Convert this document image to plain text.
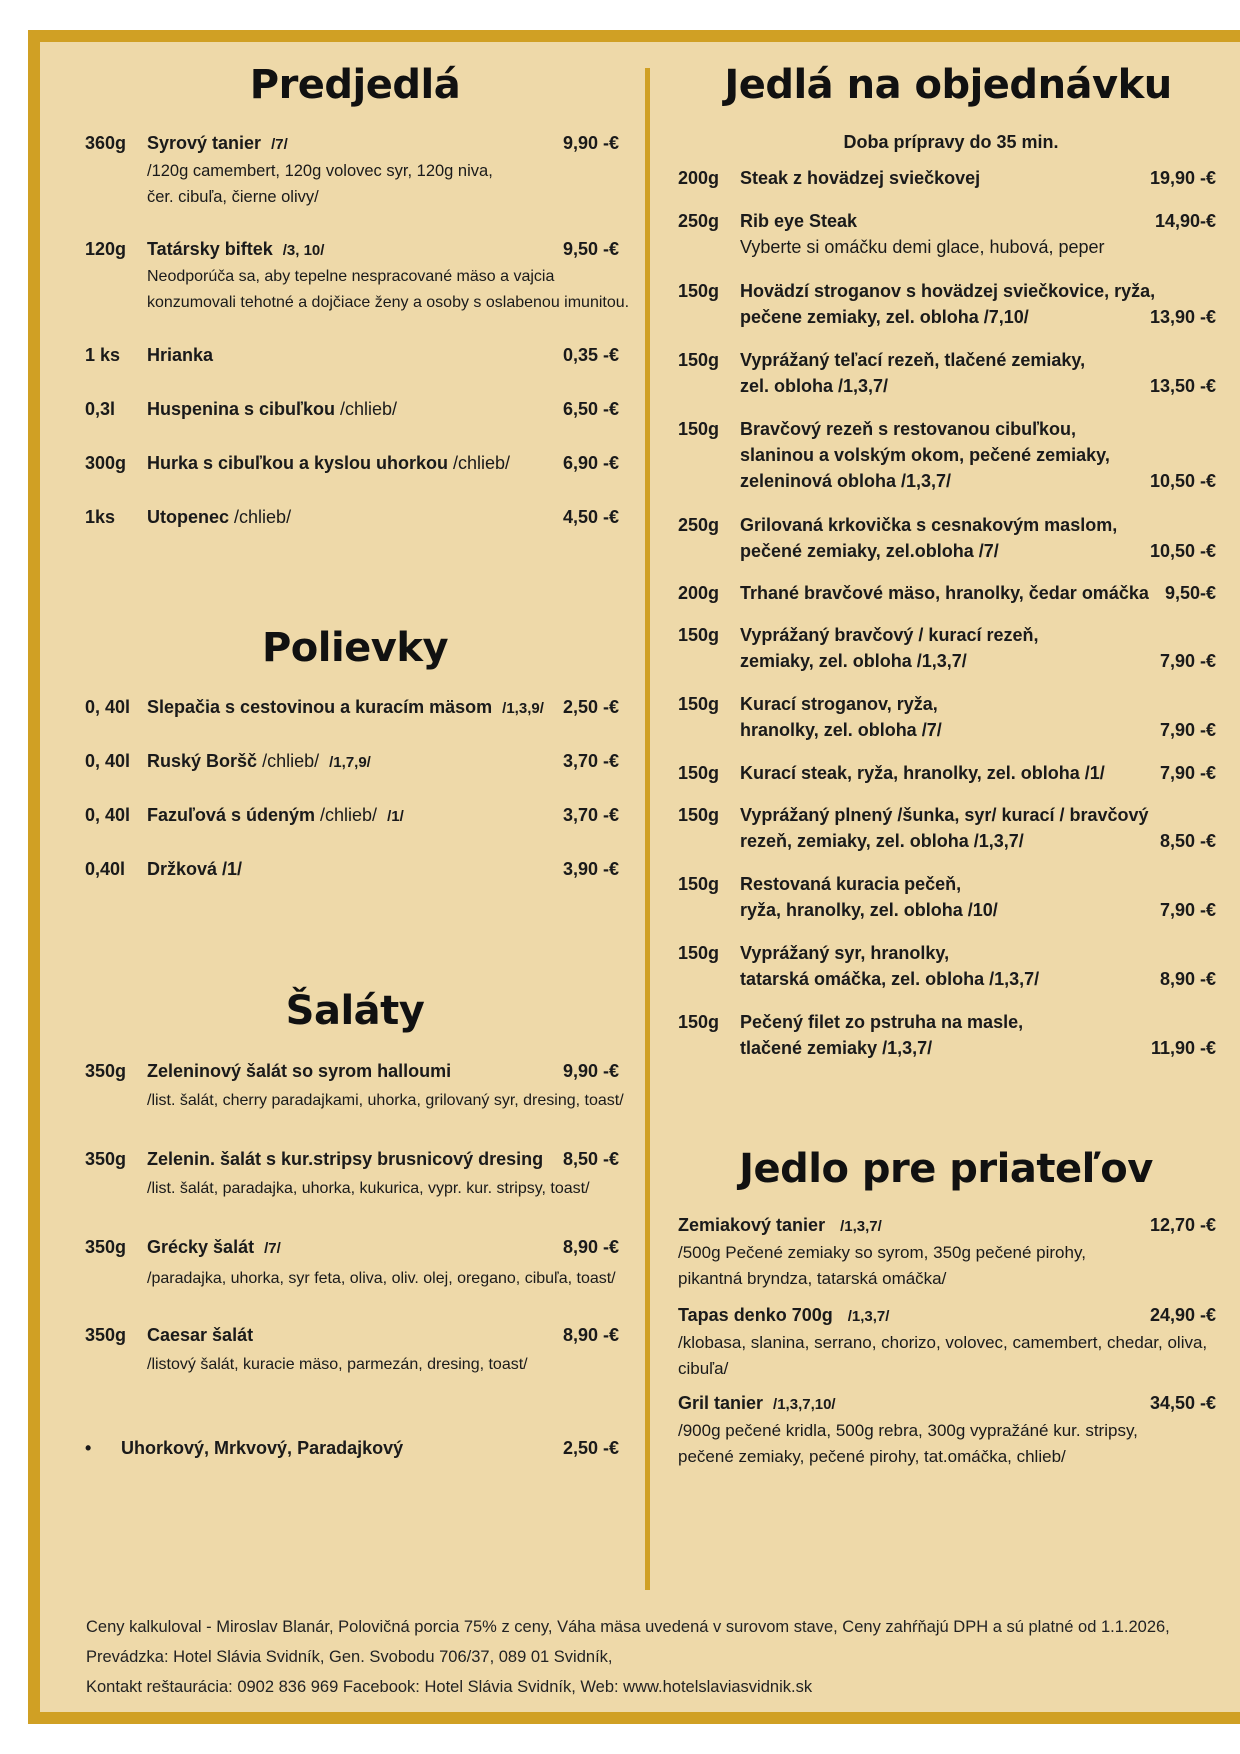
Predjedlá
360g Syrový tanier /7/
/120g camembert, 120g volovec syr, 120g niva,
čer. cibuľa, čierne olivy/
9,90 -€
120g Tatársky biftek /3, 10/
Neodporúča sa, aby tepelne nespracované mäso a vajcia
konzumovali tehotné a dojčiace ženy a osoby s oslabenou imunitou.
9,50 -€
1 ks Hrianka	0,35 -€
0,3l Huspenina s cibuľkou /chlieb/	6,50 -€
300g Hurka s cibuľkou a kyslou uhorkou /chlieb/	6,90 -€
1ks Utopenec /chlieb/	4,50 -€
Polievky
0, 40l Slepačia s cestovinou a kuracím mäsom /1,3,9/	2,50 -€
0, 40l Ruský Boršč /chlieb/ /1,7,9/	3,70 -€
0, 40l Fazuľová s údeným /chlieb/ /1/	3,70 -€
0,40l Držková /1/	3,90 -€
Šaláty
350g Zeleninový šalát so syrom halloumi
/list. šalát, cherry paradajkami, uhorka, grilovaný syr, dresing, toast/
9,90 -€
350g Zelenin. šalát s kur.stripsy brusnicový dresing
/list. šalát, paradajka, uhorka, kukurica, vypr. kur. stripsy, toast/
8,50 -€
350g Grécky šalát /7/
/paradajka, uhorka, syr feta, oliva, oliv. olej, oregano, cibuľa, toast/
8,90 -€
350g Caesar šalát
/listový šalát, kuracie mäso, parmezán, dresing, toast/
8,90 -€
• Uhorkový, Mrkvový, Paradajkový	2,50 -€
Jedlá na objednávku
Doba prípravy do 35 min.
200g Steak z hovädzej sviečkovej	19,90 -€
250g Rib eye Steak
Vyberte si omáčku demi glace, hubová, peper
14,90-€
150g Hovädzí stroganov s hovädzej sviečkovice, ryža,
pečene zemiaky, zel. obloha /7,10/	13,90 -€
150g Vyprážaný teľací rezeň, tlačené zemiaky,
zel. obloha /1,3,7/	13,50 -€
150g Bravčový rezeň s restovanou cibuľkou,
slaninou a volským okom, pečené zemiaky,
zeleninová obloha /1,3,7/	10,50 -€
250g Grilovaná krkovička s cesnakovým maslom,
pečené zemiaky, zel.obloha /7/	10,50 -€
200g Trhané bravčové mäso, hranolky, čedar omáčka 9,50-€
150g Vyprážaný bravčový / kurací rezeň,
zemiaky, zel. obloha /1,3,7/	7,90 -€
150g Kurací stroganov, ryža,
hranolky, zel. obloha /7/	7,90 -€
150g Kurací steak, ryža, hranolky, zel. obloha /1/	7,90 -€
150g Vyprážaný plnený /šunka, syr/ kurací / bravčový
rezeň, zemiaky, zel. obloha /1,3,7/	8,50 -€
150g Restovaná kuracia pečeň,
ryža, hranolky, zel. obloha /10/	7,90 -€
150g Vyprážaný syr, hranolky,
tatarská omáčka, zel. obloha /1,3,7/	8,90 -€
150g Pečený filet zo pstruha na masle,
tlačené zemiaky /1,3,7/	11,90 -€
Jedlo pre priateľov
Zemiakový tanier /1,3,7/
/500g Pečené zemiaky so syrom, 350g pečené pirohy,
pikantná bryndza, tatarská omáčka/
12,70 -€
Tapas denko 700g /1,3,7/
/klobasa, slanina, serrano, chorizo, volovec, camembert, chedar, oliva,
cibuľa/
24,90 -€
Gril tanier /1,3,7,10/
/900g pečené kridla, 500g rebra, 300g vypražáné kur. stripsy,
pečené zemiaky, pečené pirohy, tat.omáčka, chlieb/
34,50 -€
Ceny kalkuloval - Miroslav Blanár, Polovičná porcia 75% z ceny, Váha mäsa uvedená v surovom stave, Ceny zahŕňajú DPH a sú platné od 1.1.2026,
Prevádzka: Hotel Slávia Svidník, Gen. Svobodu 706/37, 089 01 Svidník,
Kontakt reštaurácia: 0902 836 969 Facebook: Hotel Slávia Svidník, Web: www.hotelslaviasvidnik.sk
